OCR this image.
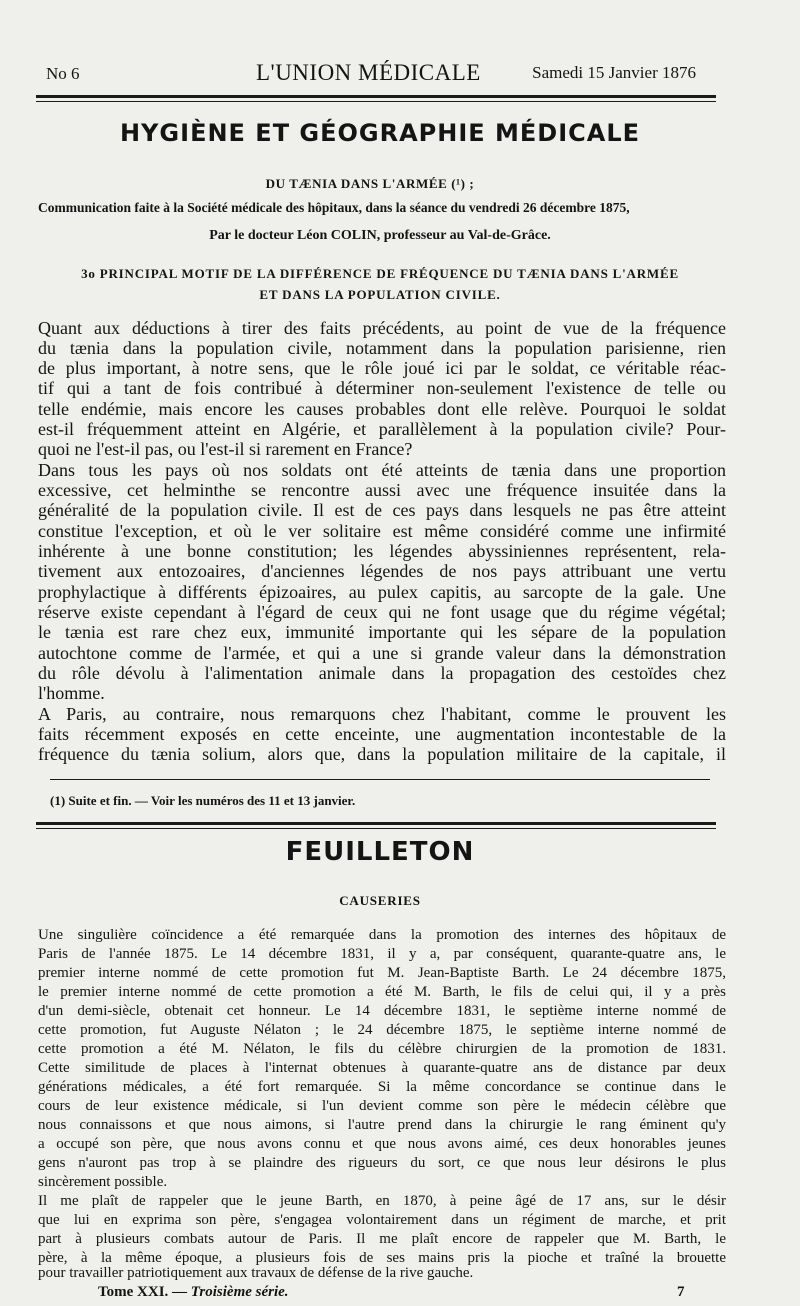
No 6	L'UNION MÉDICALE	Samedi 15 Janvier 1876
HYGIÈNE ET GÉOGRAPHIE MÉDICALE
DU TÆNIA DANS L'ARMÉE (¹) ;
Communication faite à la Société médicale des hôpitaux, dans la séance du vendredi 26 décembre 1875,
Par le docteur Léon COLIN, professeur au Val-de-Grâce.
3o PRINCIPAL MOTIF DE LA DIFFÉRENCE DE FRÉQUENCE DU TÆNIA DANS L'ARMÉE
ET DANS LA POPULATION CIVILE.
Quant aux déductions à tirer des faits précédents, au point de vue de la fréquence
du tænia dans la population civile, notamment dans la population parisienne, rien
de plus important, à notre sens, que le rôle joué ici par le soldat, ce véritable réac-
tif qui a tant de fois contribué à déterminer non-seulement l'existence de telle ou
telle endémie, mais encore les causes probables dont elle relève. Pourquoi le soldat
est-il fréquemment atteint en Algérie, et parallèlement à la population civile? Pour-
quoi ne l'est-il pas, ou l'est-il si rarement en France?
Dans tous les pays où nos soldats ont été atteints de tænia dans une proportion
excessive, cet helminthe se rencontre aussi avec une fréquence insuitée dans la
généralité de la population civile. Il est de ces pays dans lesquels ne pas être atteint
constitue l'exception, et où le ver solitaire est même considéré comme une infirmité
inhérente à une bonne constitution; les légendes abyssiniennes représentent, rela-
tivement aux entozoaires, d'anciennes légendes de nos pays attribuant une vertu
prophylactique à différents épizoaires, au pulex capitis, au sarcopte de la gale. Une
réserve existe cependant à l'égard de ceux qui ne font usage que du régime végétal;
le tænia est rare chez eux, immunité importante qui les sépare de la population
autochtone comme de l'armée, et qui a une si grande valeur dans la démonstration
du rôle dévolu à l'alimentation animale dans la propagation des cestoïdes chez
l'homme.
A Paris, au contraire, nous remarquons chez l'habitant, comme le prouvent les
faits récemment exposés en cette enceinte, une augmentation incontestable de la
fréquence du tænia solium, alors que, dans la population militaire de la capitale, il
(1) Suite et fin. — Voir les numéros des 11 et 13 janvier.
FEUILLETON
CAUSERIES
Une singulière coïncidence a été remarquée dans la promotion des internes des hôpitaux de
Paris de l'année 1875. Le 14 décembre 1831, il y a, par conséquent, quarante-quatre ans, le
premier interne nommé de cette promotion fut M. Jean-Baptiste Barth. Le 24 décembre 1875,
le premier interne nommé de cette promotion a été M. Barth, le fils de celui qui, il y a près
d'un demi-siècle, obtenait cet honneur. Le 14 décembre 1831, le septième interne nommé de
cette promotion, fut Auguste Nélaton ; le 24 décembre 1875, le septième interne nommé de
cette promotion a été M. Nélaton, le fils du célèbre chirurgien de la promotion de 1831.
Cette similitude de places à l'internat obtenues à quarante-quatre ans de distance par deux
générations médicales, a été fort remarquée. Si la même concordance se continue dans le
cours de leur existence médicale, si l'un devient comme son père le médecin célèbre que
nous connaissons et que nous aimons, si l'autre prend dans la chirurgie le rang éminent qu'y
a occupé son père, que nous avons connu et que nous avons aimé, ces deux honorables jeunes
gens n'auront pas trop à se plaindre des rigueurs du sort, ce que nous leur désirons le plus
sincèrement possible.
Il me plaît de rappeler que le jeune Barth, en 1870, à peine âgé de 17 ans, sur le désir
que lui en exprima son père, s'engagea volontairement dans un régiment de marche, et prit
part à plusieurs combats autour de Paris. Il me plaît encore de rappeler que M. Barth, le
père, à la même époque, a plusieurs fois de ses mains pris la pioche et traîné la brouette
pour travailler patriotiquement aux travaux de défense de la rive gauche.
Tome XXI. — Troisième série.	7
